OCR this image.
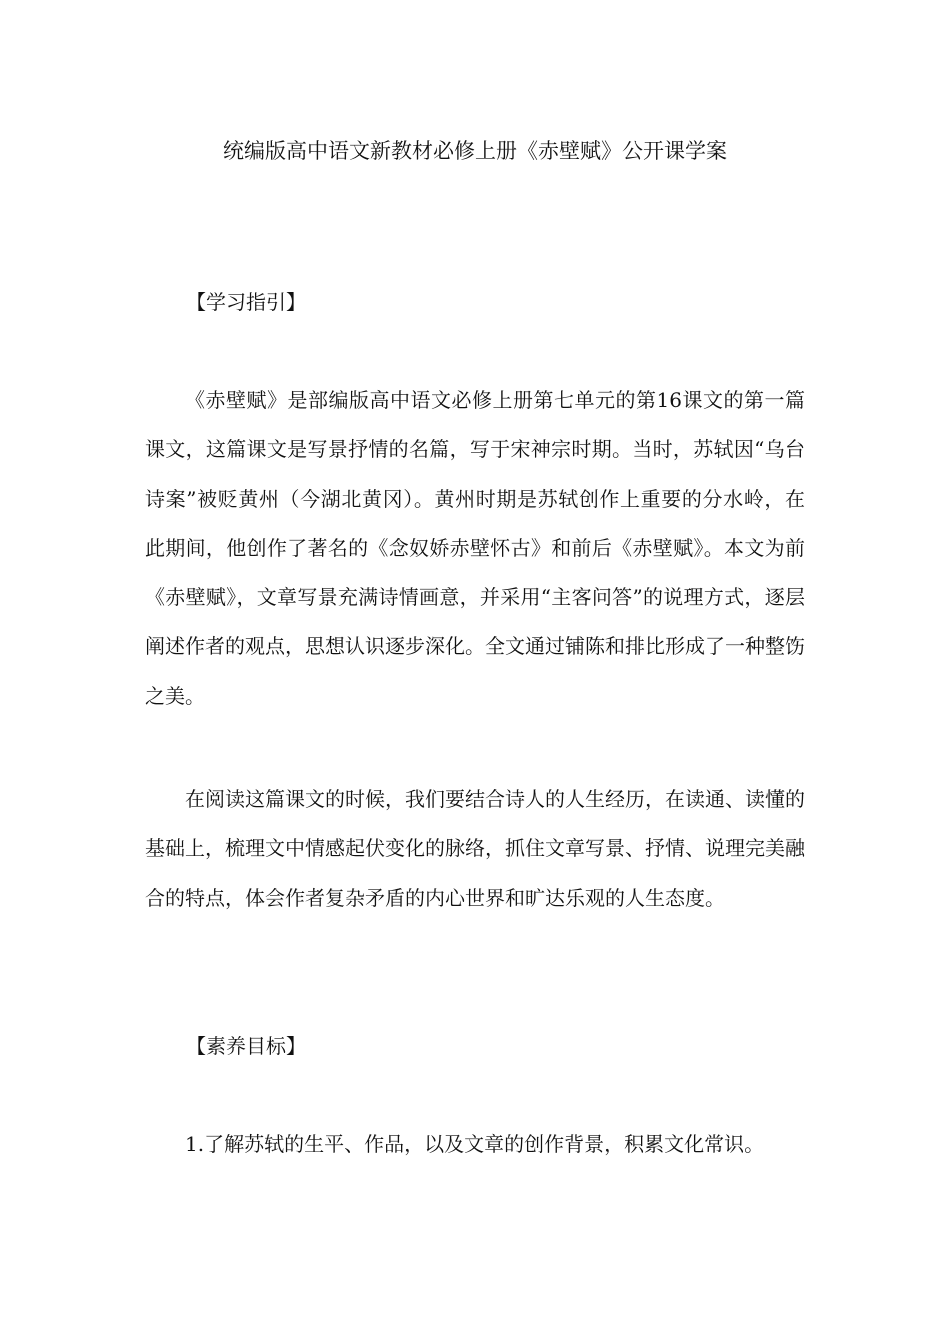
统编版高中语文新教材必修上册《赤壁赋》公开课学案
【学习指引】

《赤壁赋》是部编版高中语文必修上册第七单元的第16课文的第一篇课文，这篇课文是写景抒情的名篇，写于宋神宗时期。当时，苏轼因“乌台诗案”被贬黄州（今湖北黄冈）。黄州时期是苏轼创作上重要的分水岭，在此期间，他创作了著名的《念奴娇赤壁怀古》和前后《赤壁赋》。本文为前《赤壁赋》，文章写景充满诗情画意，并采用“主客问答”的说理方式，逐层阐述作者的观点，思想认识逐步深化。全文通过铺陈和排比形成了一种整饬之美。

在阅读这篇课文的时候，我们要结合诗人的人生经历，在读通、读懂的基础上，梳理文中情感起伏变化的脉络，抓住文章写景、抒情、说理完美融合的特点，体会作者复杂矛盾的内心世界和旷达乐观的人生态度。

【素养目标】

1.了解苏轼的生平、作品，以及文章的创作背景，积累文化常识。
